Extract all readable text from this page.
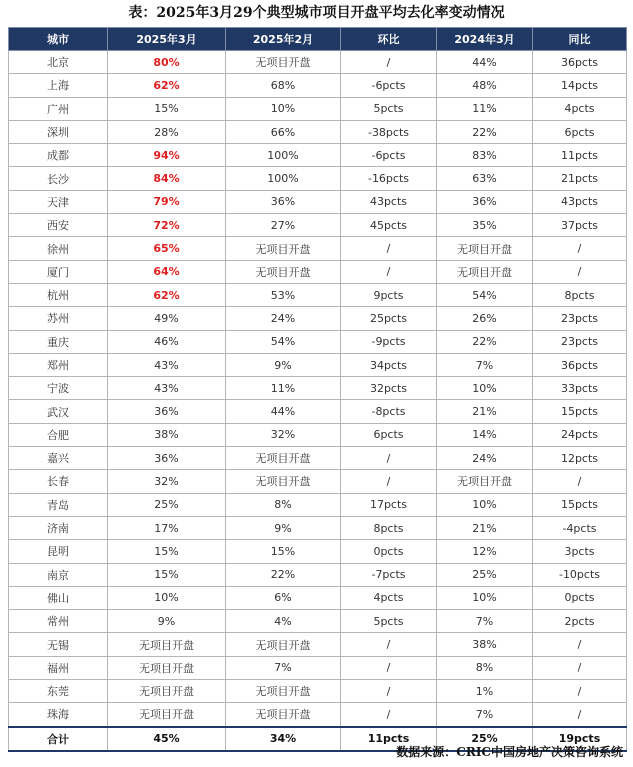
表：2025年3月29个典型城市项目开盘平均去化率变动情况
城市	2025年3月	2025年2月	环比	2024年3月	同比
北京	80%	无项目开盘	/	44%	36pcts
上海	62%	68%	-6pcts	48%	14pcts
广州	15%	10%	5pcts	11%	4pcts
深圳	28%	66%	-38pcts	22%	6pcts
成都	94%	100%	-6pcts	83%	11pcts
长沙	84%	100%	-16pcts	63%	21pcts
天津	79%	36%	43pcts	36%	43pcts
西安	72%	27%	45pcts	35%	37pcts
徐州	65%	无项目开盘	/	无项目开盘	/
厦门	64%	无项目开盘	/	无项目开盘	/
杭州	62%	53%	9pcts	54%	8pcts
苏州	49%	24%	25pcts	26%	23pcts
重庆	46%	54%	-9pcts	22%	23pcts
郑州	43%	9%	34pcts	7%	36pcts
宁波	43%	11%	32pcts	10%	33pcts
武汉	36%	44%	-8pcts	21%	15pcts
合肥	38%	32%	6pcts	14%	24pcts
嘉兴	36%	无项目开盘	/	24%	12pcts
长春	32%	无项目开盘	/	无项目开盘	/
青岛	25%	8%	17pcts	10%	15pcts
济南	17%	9%	8pcts	21%	-4pcts
昆明	15%	15%	0pcts	12%	3pcts
南京	15%	22%	-7pcts	25%	-10pcts
佛山	10%	6%	4pcts	10%	0pcts
常州	9%	4%	5pcts	7%	2pcts
无锡	无项目开盘	无项目开盘	/	38%	/
福州	无项目开盘	7%	/	8%	/
东莞	无项目开盘	无项目开盘	/	1%	/
珠海	无项目开盘	无项目开盘	/	7%	/
合计	45%	34%	11pcts	25%	19pcts
数据来源：CRIC中国房地产决策咨询系统
